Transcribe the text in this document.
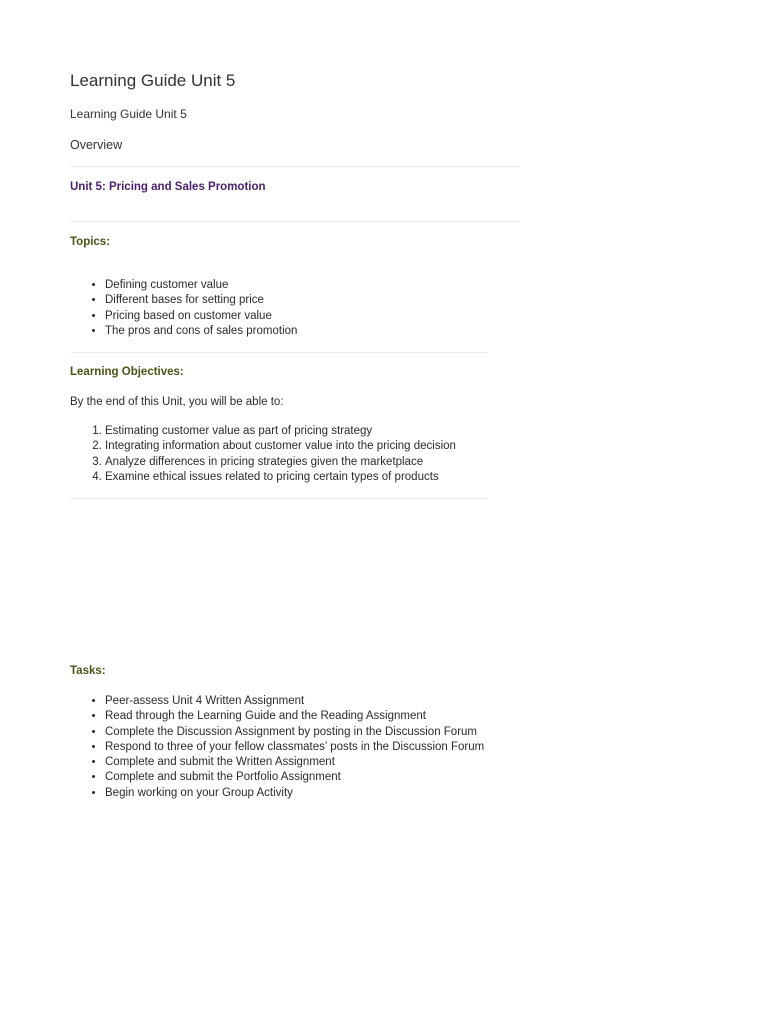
Learning Guide Unit 5
Learning Guide Unit 5
Overview
Unit 5: Pricing and Sales Promotion
Topics:
• Defining customer value
• Different bases for setting price
• Pricing based on customer value
• The pros and cons of sales promotion
Learning Objectives:
By the end of this Unit, you will be able to:
1. Estimating customer value as part of pricing strategy
2. Integrating information about customer value into the pricing decision
3. Analyze differences in pricing strategies given the marketplace
4. Examine ethical issues related to pricing certain types of products
Tasks:
• Peer-assess Unit 4 Written Assignment
• Read through the Learning Guide and the Reading Assignment
• Complete the Discussion Assignment by posting in the Discussion Forum
• Respond to three of your fellow classmates’ posts in the Discussion Forum
• Complete and submit the Written Assignment
• Complete and submit the Portfolio Assignment
• Begin working on your Group Activity
